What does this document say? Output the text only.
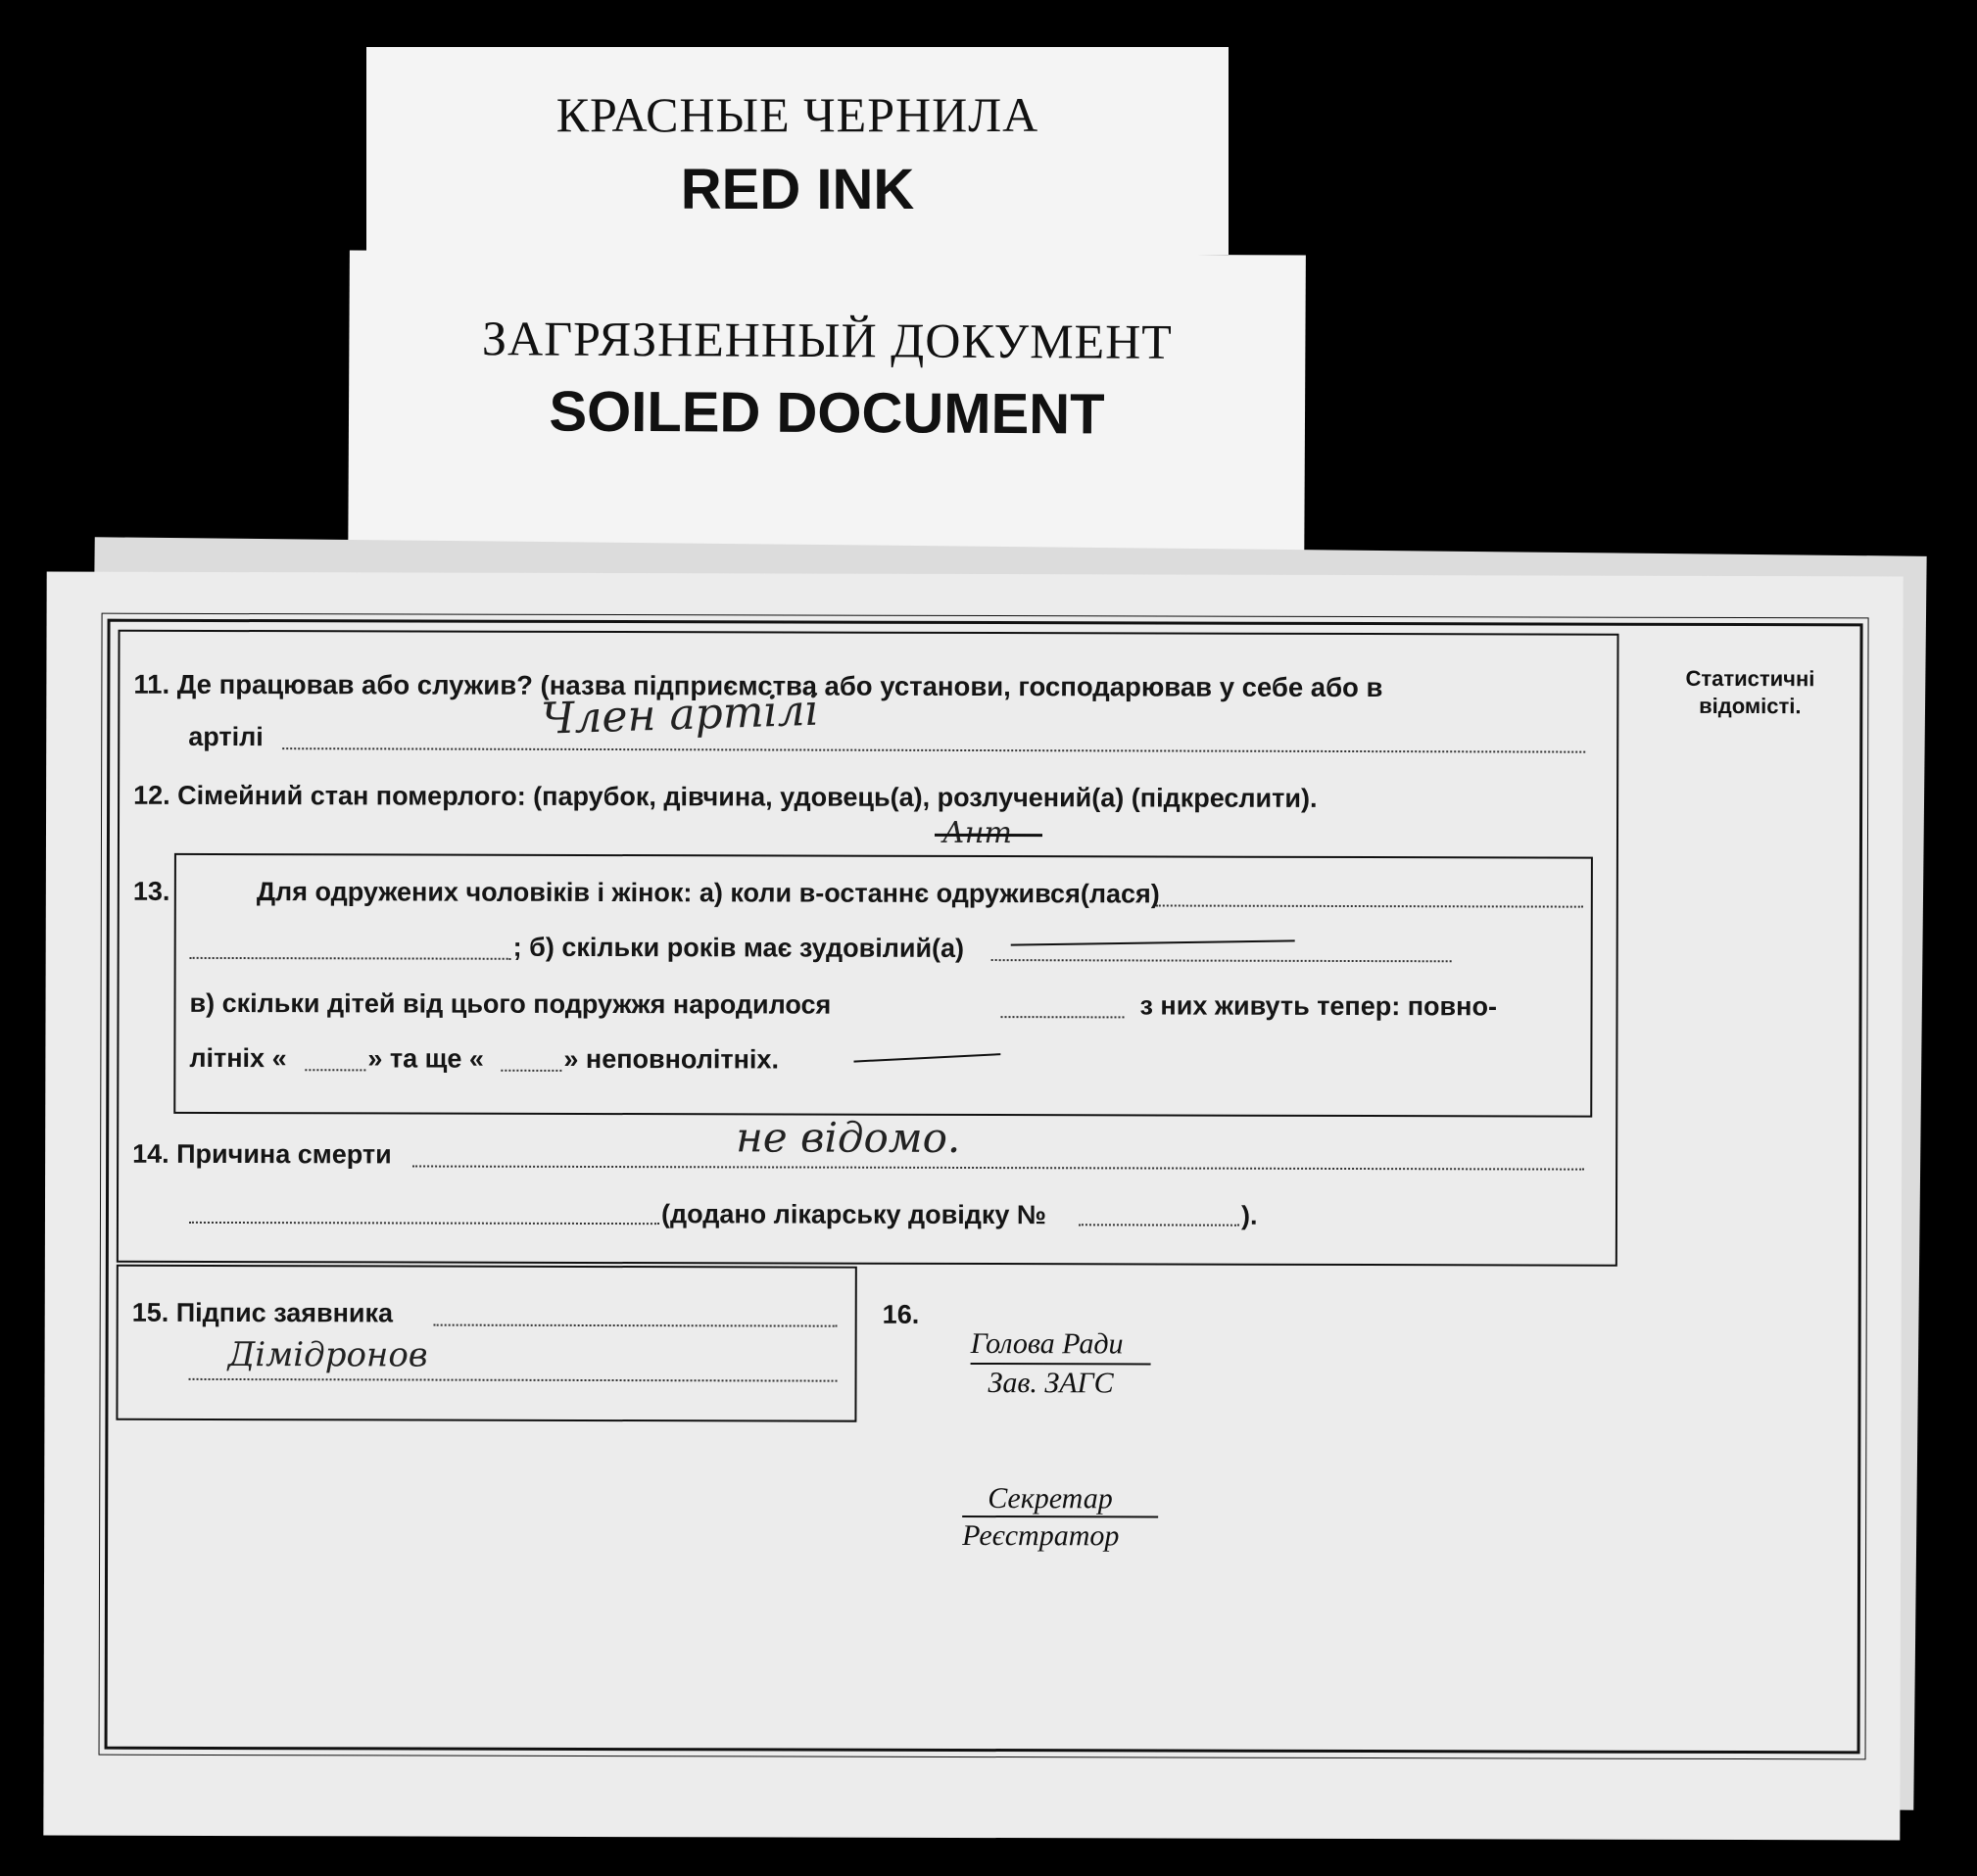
КРАСНЫЕ ЧЕРНИЛА
RED INK
ЗАГРЯЗНЕННЫЙ ДОКУМЕНТ
SOILED DOCUMENT
Статистичні
відомісті.
11. Де працював або служив? (назва підприємства або установи, господарював у себе або в
артілі	Член артілі
12. Сімейний стан померлого: (парубок, дівчина, удовець(а), розлучений(а) (підкреслити).
Ант
13.	Для одружених чоловіків і жінок: а) коли в-останнє одружився(лася)
; б) скільки років має зудовілий(а)
в) скільки дітей від цього подружжя народилося	з них живуть тепер: повно-
літніх «	» та ще «	» неповнолітніх.
14. Причина смерти	не відомо.
(додано лікарську довідку №	).
15. Підпис заявника
Дімідронов
16.
Голова Ради
Зав. ЗАГС
Секретар
Реєстратор
